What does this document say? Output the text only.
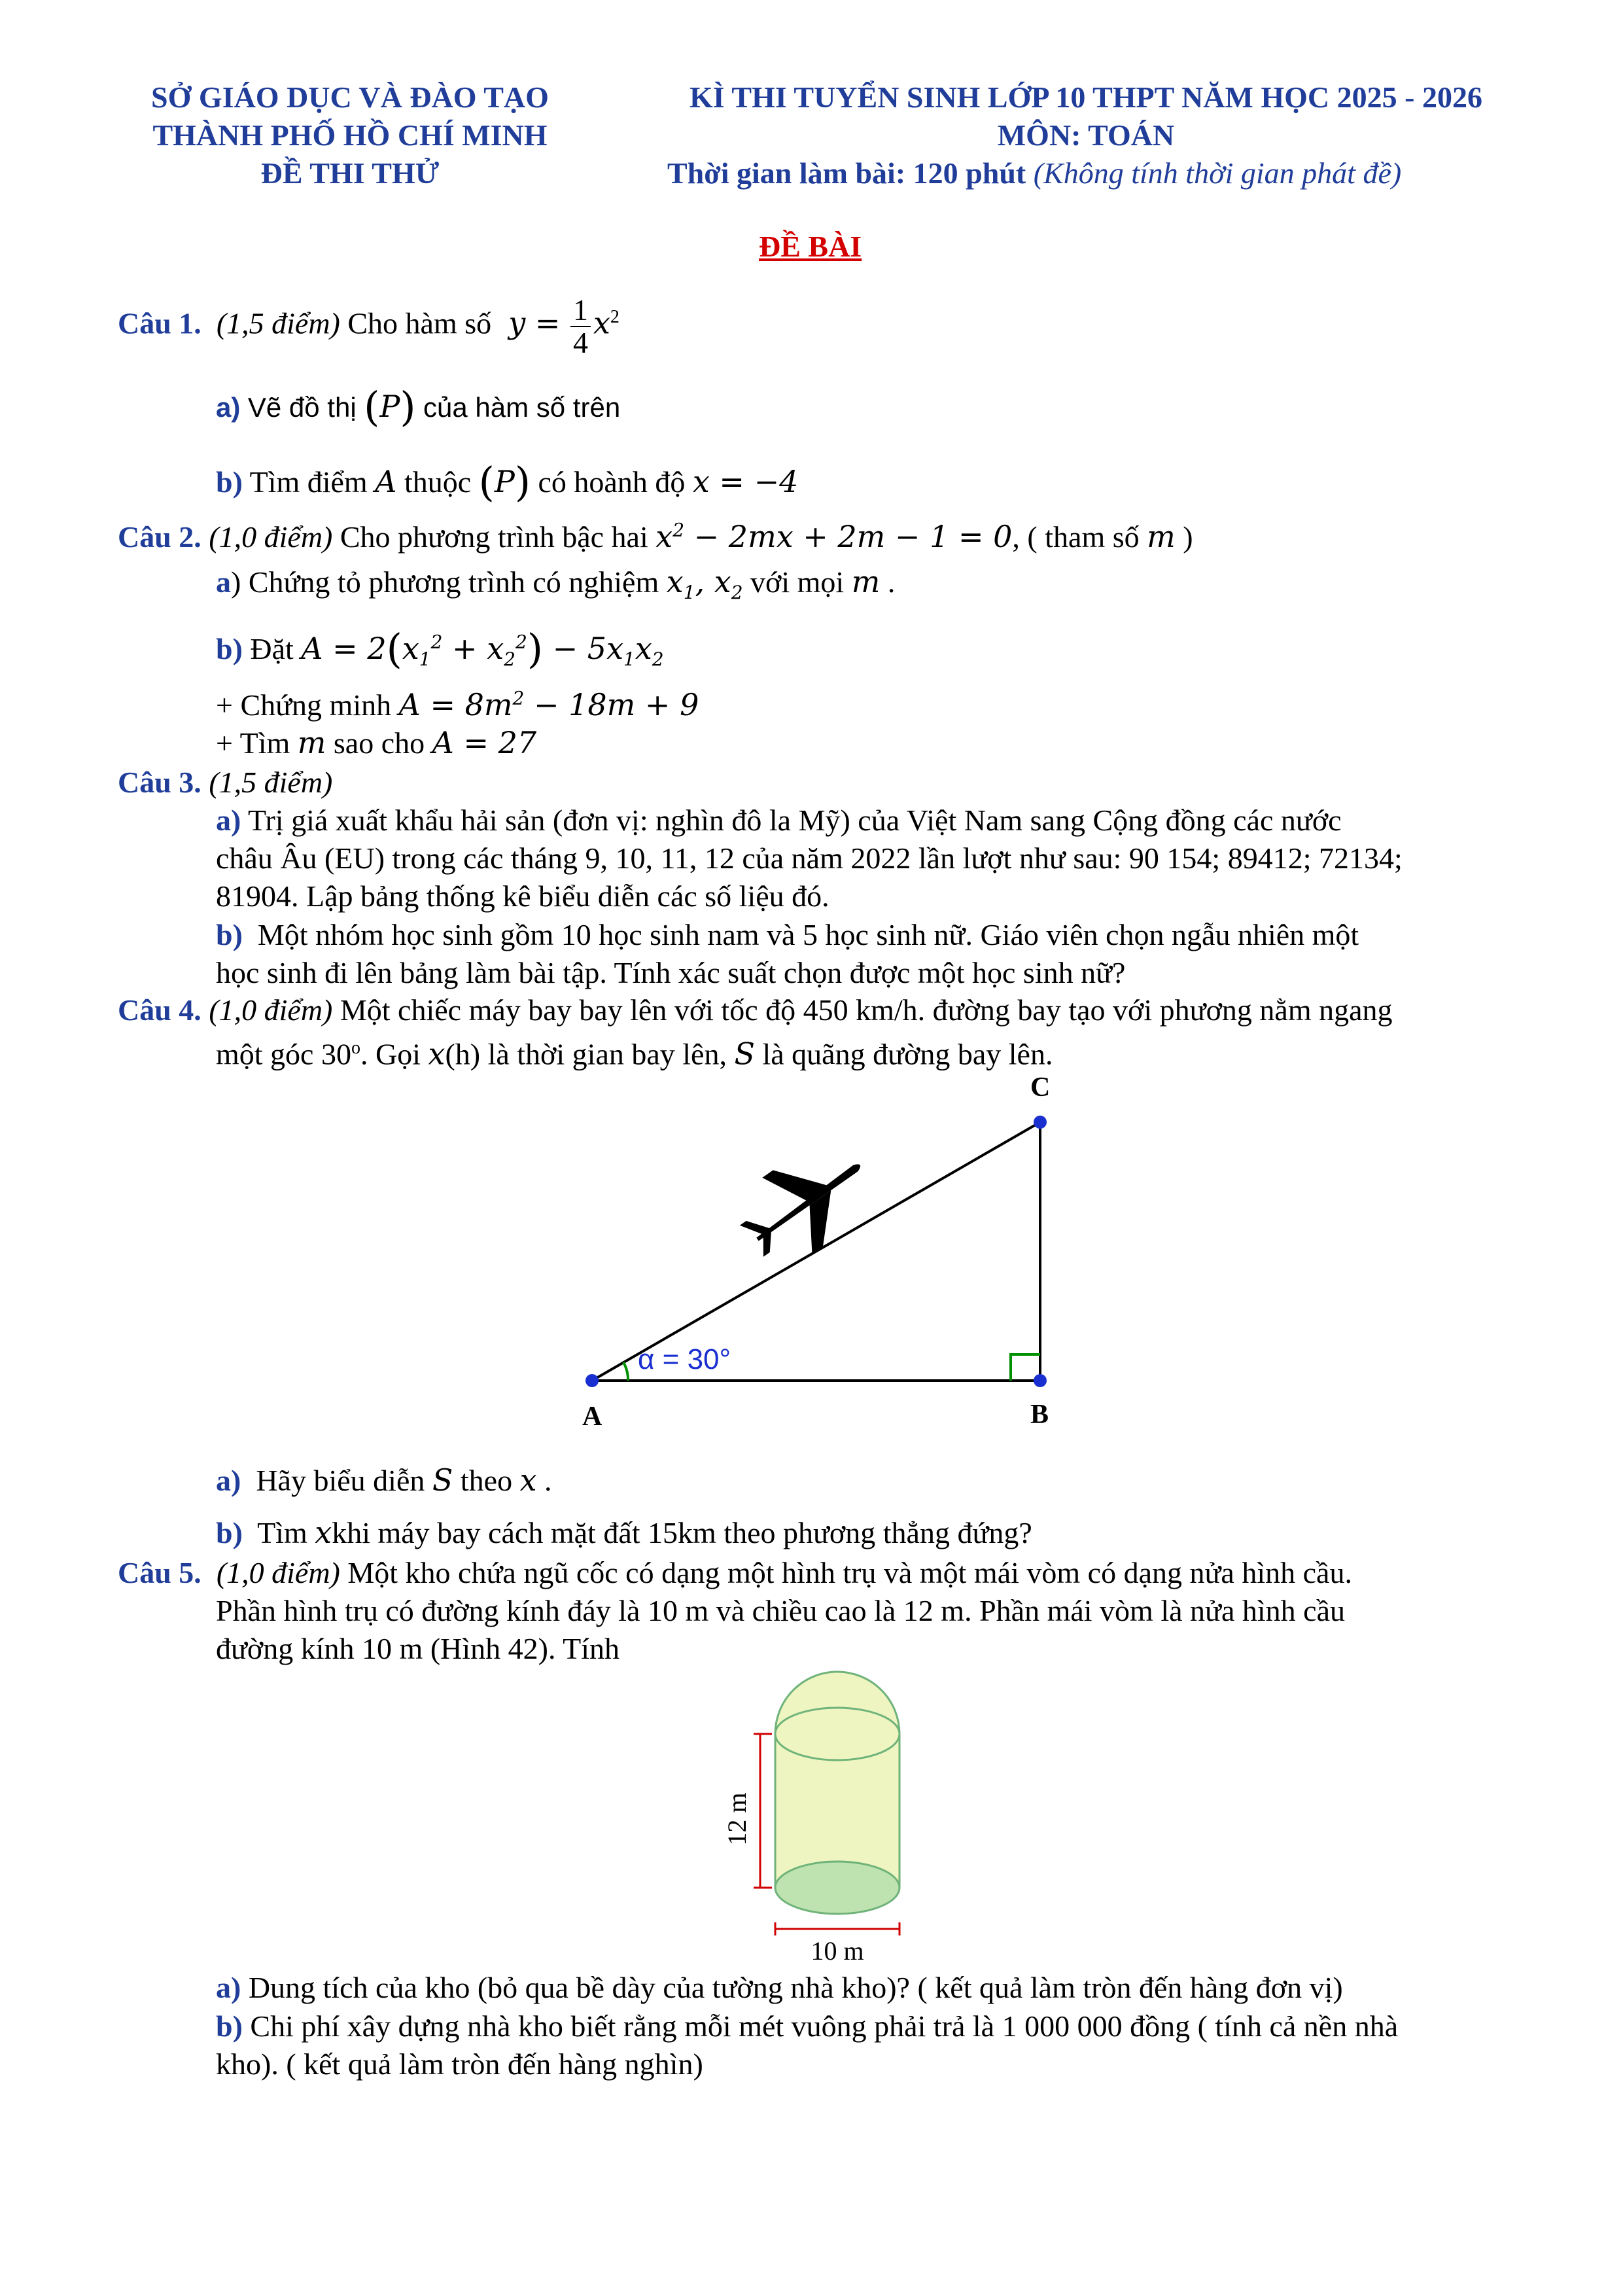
SỞ GIÁO DỤC VÀ ĐÀO TẠO
THÀNH PHỐ HỒ CHÍ MINH
ĐỀ THI THỬ
KÌ THI TUYỂN SINH LỚP 10 THPT NĂM HỌC 2025 - 2026
MÔN: TOÁN
Thời gian làm bài: 120 phút (Không tính thời gian phát đề)
ĐỀ BÀI
Câu 1. (1,5 điểm) Cho hàm số  $y = \frac{1}{4} x^2$
a) Vẽ đồ thị (P) của hàm số trên
b) Tìm điểm A thuộc (P) có hoành độ x = −4
Câu 2. (1,0 điểm) Cho phương trình bậc hai $x^2 - 2mx + 2m - 1 = 0$, ( tham số m )
a) Chứng tỏ phương trình có nghiệm $x_1$, $x_2$ với mọi m .
b) Đặt $A = 2(x_1^2 + x_2^2) - 5x_1x_2$
+ Chứng minh $A = 8m^2 - 18m + 9$
+ Tìm m sao cho A = 27
Câu 3. (1,5 điểm)
a) Trị giá xuất khẩu hải sản (đơn vị: nghìn đô la Mỹ) của Việt Nam sang Cộng đồng các nước
châu Âu (EU) trong các tháng 9, 10, 11, 12 của năm 2022 lần lượt như sau: 90 154; 89412; 72134;
81904. Lập bảng thống kê biểu diễn các số liệu đó.
b) Một nhóm học sinh gồm 10 học sinh nam và 5 học sinh nữ. Giáo viên chọn ngẫu nhiên một
học sinh đi lên bảng làm bài tập. Tính xác suất chọn được một học sinh nữ?
Câu 4. (1,0 điểm) Một chiếc máy bay bay lên với tốc độ 450 km/h. đường bay tạo với phương nằm ngang
một góc 30$^o$. Gọi x(h) là thời gian bay lên, S là quãng đường bay lên.
α = 30°
A	B
C
a) Hãy biểu diễn S theo x .
b) Tìm xkhi máy bay cách mặt đất 15km theo phương thẳng đứng?
Câu 5. (1,0 điểm) Một kho chứa ngũ cốc có dạng một hình trụ và một mái vòm có dạng nửa hình cầu.
Phần hình trụ có đường kính đáy là 10 m và chiều cao là 12 m. Phần mái vòm là nửa hình cầu
đường kính 10 m (Hình 42). Tính
12 m
10 m
a) Dung tích của kho (bỏ qua bề dày của tường nhà kho)? ( kết quả làm tròn đến hàng đơn vị)
b) Chi phí xây dựng nhà kho biết rằng mỗi mét vuông phải trả là 1 000 000 đồng ( tính cả nền nhà
kho). ( kết quả làm tròn đến hàng nghìn)
